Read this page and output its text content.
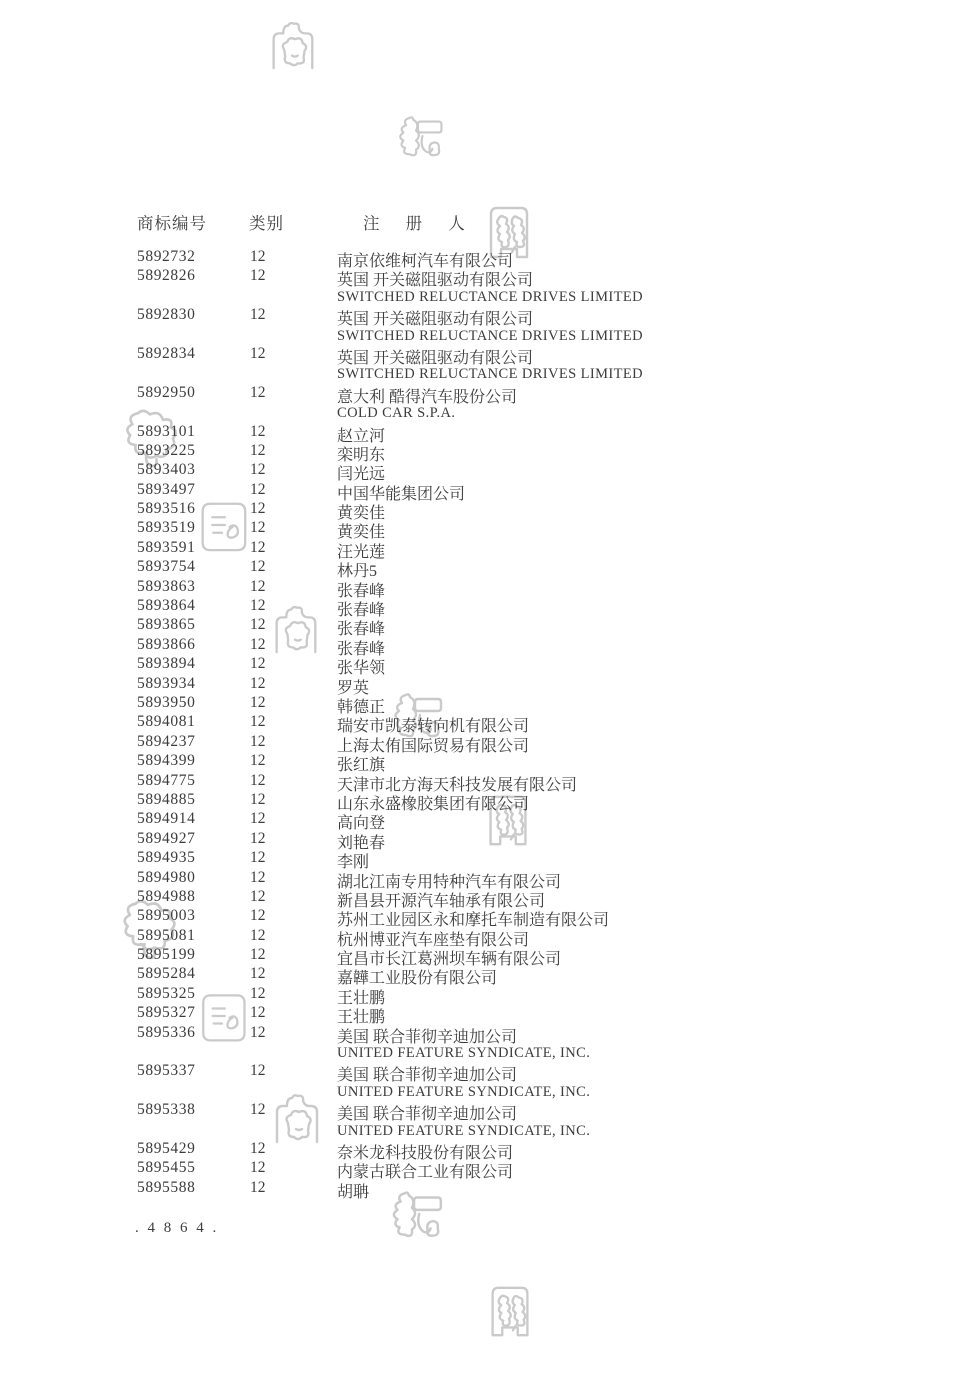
商标编号	类别	注 册 人
5892732	12	南京依维柯汽车有限公司
5892826	12	英国 开关磁阻驱动有限公司
SWITCHED RELUCTANCE DRIVES LIMITED
5892830	12	英国 开关磁阻驱动有限公司
SWITCHED RELUCTANCE DRIVES LIMITED
5892834	12	英国 开关磁阻驱动有限公司
SWITCHED RELUCTANCE DRIVES LIMITED
5892950	12	意大利 酷得汽车股份公司
COLD CAR S.P.A.
5893101	12	赵立河
5893225	12	栾明东
5893403	12	闫光远
5893497	12	中国华能集团公司
5893516	12	黄奕佳
5893519	12	黄奕佳
5893591	12	汪光莲
5893754	12	林丹5
5893863	12	张春峰
5893864	12	张春峰
5893865	12	张春峰
5893866	12	张春峰
5893894	12	张华领
5893934	12	罗英
5893950	12	韩德正
5894081	12	瑞安市凯泰转向机有限公司
5894237	12	上海太侑国际贸易有限公司
5894399	12	张红旗
5894775	12	天津市北方海天科技发展有限公司
5894885	12	山东永盛橡胶集团有限公司
5894914	12	高向登
5894927	12	刘艳春
5894935	12	李刚
5894980	12	湖北江南专用特种汽车有限公司
5894988	12	新昌县开源汽车轴承有限公司
5895003	12	苏州工业园区永和摩托车制造有限公司
5895081	12	杭州博亚汽车座垫有限公司
5895199	12	宜昌市长江葛洲坝车辆有限公司
5895284	12	嘉韡工业股份有限公司
5895325	12	王壮鹏
5895327	12	王壮鹏
5895336	12	美国 联合菲彻辛迪加公司
UNITED FEATURE SYNDICATE, INC.
5895337	12	美国 联合菲彻辛迪加公司
UNITED FEATURE SYNDICATE, INC.
5895338	12	美国 联合菲彻辛迪加公司
UNITED FEATURE SYNDICATE, INC.
5895429	12	奈米龙科技股份有限公司
5895455	12	内蒙古联合工业有限公司
5895588	12	胡聃
. 4 8 6 4 .
